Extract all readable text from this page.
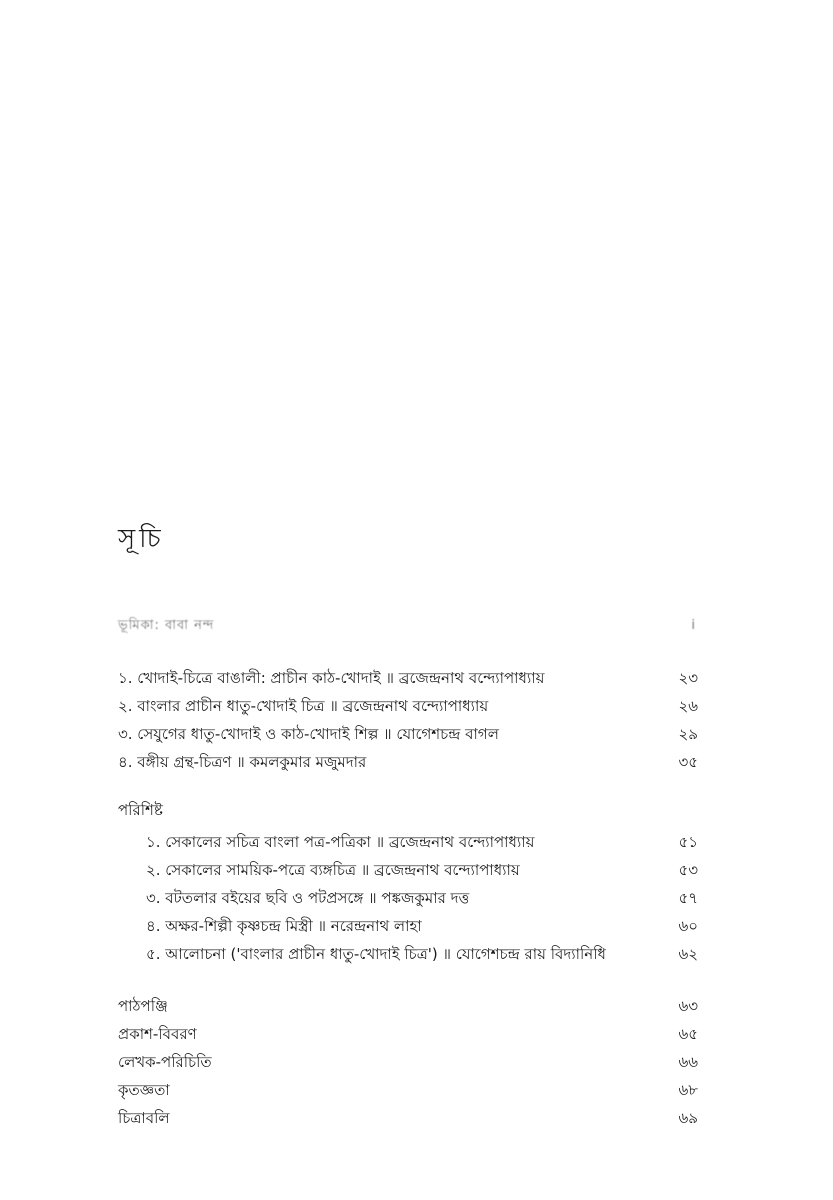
সূচি
ভূমিকা: বাবা নন্দ	i
১. খোদাই-চিত্রে বাঙালী: প্রাচীন কাঠ-খোদাই ॥ ব্রজেন্দ্রনাথ বন্দ্যোপাধ্যায়	২৩
২. বাংলার প্রাচীন ধাতু-খোদাই চিত্র ॥ ব্রজেন্দ্রনাথ বন্দ্যোপাধ্যায়	২৬
৩. সেযুগের ধাতু-খোদাই ও কাঠ-খোদাই শিল্প ॥ যোগেশচন্দ্র বাগল	২৯
৪. বঙ্গীয় গ্রন্থ-চিত্রণ ॥ কমলকুমার মজুমদার	৩৫
পরিশিষ্ট
১. সেকালের সচিত্র বাংলা পত্র-পত্রিকা ॥ ব্রজেন্দ্রনাথ বন্দ্যোপাধ্যায়	৫১
২. সেকালের সাময়িক-পত্রে ব্যঙ্গচিত্র ॥ ব্রজেন্দ্রনাথ বন্দ্যোপাধ্যায়	৫৩
৩. বটতলার বইয়ের ছবি ও পটপ্রসঙ্গে ॥ পঙ্কজকুমার দত্ত	৫৭
৪. অক্ষর-শিল্পী কৃষ্ণচন্দ্র মিস্ত্রী ॥ নরেন্দ্রনাথ লাহা	৬০
৫. আলোচনা ('বাংলার প্রাচীন ধাতু-খোদাই চিত্র') ॥ যোগেশচন্দ্র রায় বিদ্যানিধি	৬২
পাঠপঞ্জি	৬৩
প্রকাশ-বিবরণ	৬৫
লেখক-পরিচিতি	৬৬
কৃতজ্ঞতা	৬৮
চিত্রাবলি	৬৯
